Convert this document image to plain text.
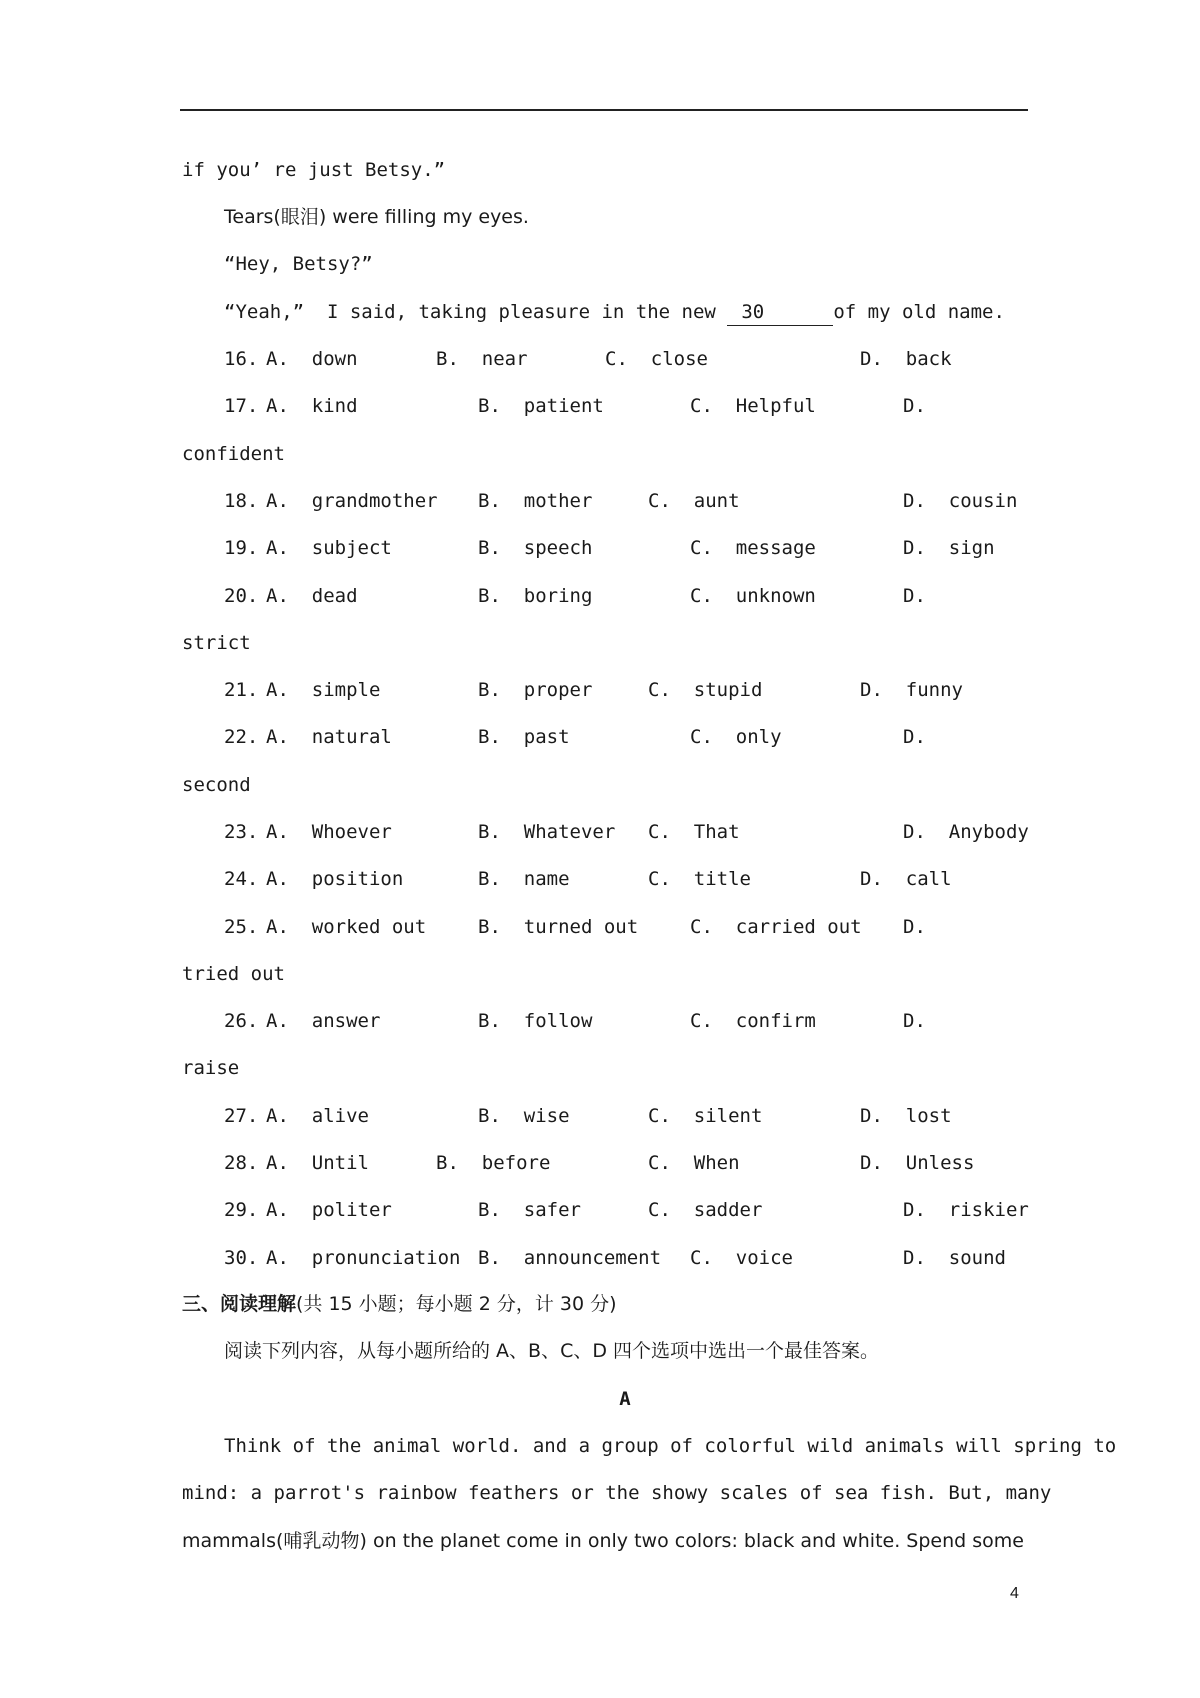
if you’ re just Betsy.”
Tears(眼泪) were filling my eyes.
“Hey, Betsy?”
“Yeah,”  I said, taking pleasure in the new 30	of my old name.
16. A.  down	B.  near	C.  close	D.  back
17. A.  kind	B.  patient	C.  Helpful	D.
confident
18. A.  grandmother B.  mother	C.  aunt	D.  cousin
19. A.  subject	B.  speech	C.  message	D.  sign
20. A.  dead	B.  boring	C.  unknown	D.
strict
21. A.  simple	B.  proper	C.  stupid	D.  funny
22. A.  natural	B.  past	C.  only	D.
second
23. A.  Whoever	B.  Whatever C.  That	D.  Anybody
24. A.  position	B.  name	C.  title	D.  call
25. A.  worked out	B.  turned out	C.  carried out D.
tried out
26. A.  answer	B.  follow	C.  confirm	D.
raise
27. A.  alive	B.  wise	C.  silent	D.  lost
28. A.  Until	B.  before	C.  When	D.  Unless
29. A.  politer	B.  safer	C.  sadder	D.  riskier
30. A.  pronunciation B.  announcement C.  voice	D.  sound
三、阅读理解(共 15 小题；每小题 2 分，计 30 分)
阅读下列内容，从每小题所给的 A、B、C、D 四个选项中选出一个最佳答案。
A
Think of the animal world. and a group of colorful wild animals will spring to
mind: a parrot's rainbow feathers or the showy scales of sea fish. But, many
mammals(哺乳动物) on the planet come in only two colors: black and white. Spend some
4
